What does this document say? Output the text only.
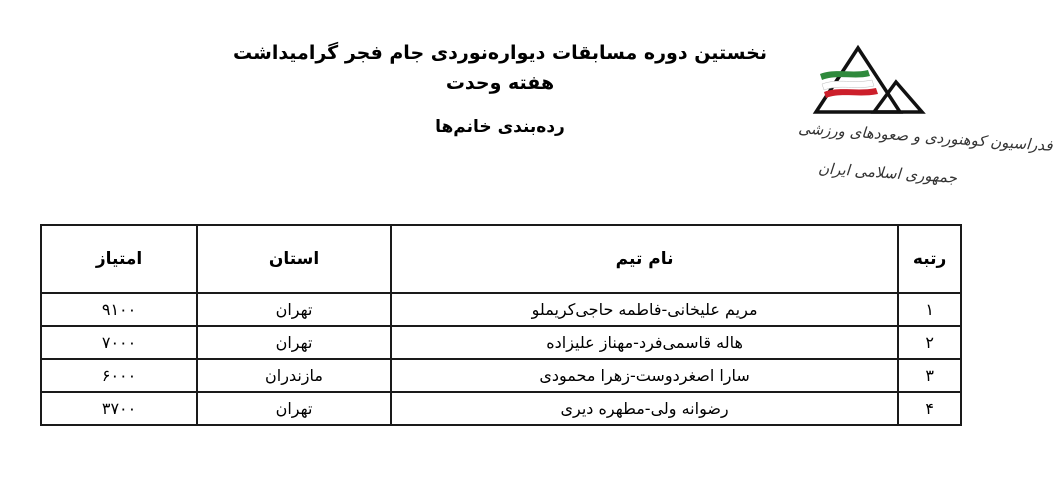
نخستین دوره مسابقات دیواره‌نوردی جام فجر گرامیداشت هفته وحدت
رده‌بندی خانم‌ها	فدراسیون کوهنوردی و صعودهای ورزشی
جمهوری اسلامی ایران
رتبه	نام تیم	استان	امتیاز
۱	مریم علیخانی-فاطمه حاجی‌کریملو	تهران	۹۱۰۰
۲	هاله قاسمی‌فرد-مهناز علیزاده	تهران	۷۰۰۰
۳	سارا اصغردوست-زهرا محمودی	مازندران	۶۰۰۰
۴	رضوانه ولی-مطهره دیری	تهران	۳۷۰۰
